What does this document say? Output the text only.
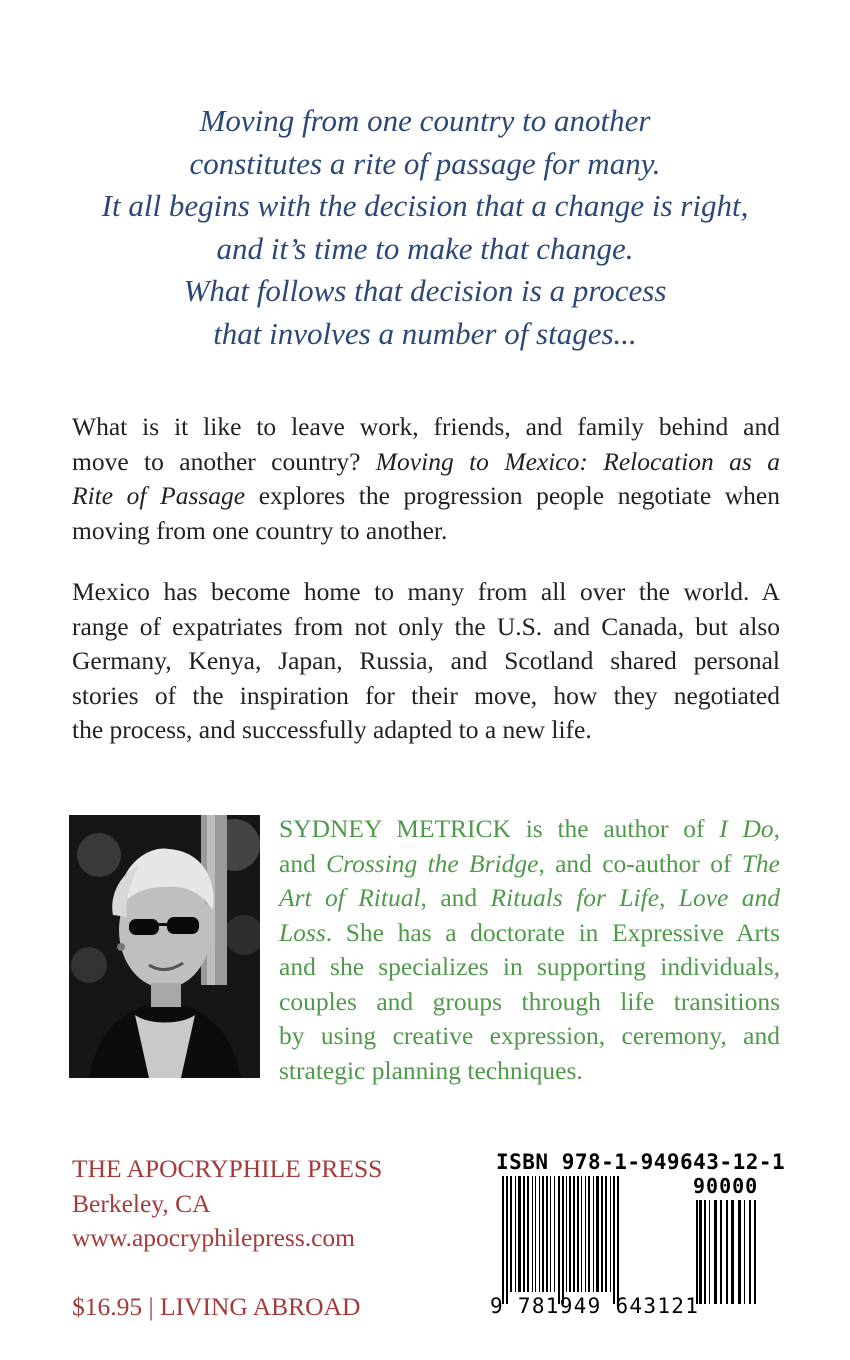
Moving from one country to another
constitutes a rite of passage for many.
It all begins with the decision that a change is right,
and it’s time to make that change.
What follows that decision is a process
that involves a number of stages...
What is it like to leave work, friends, and family behind and
move to another country? Moving to Mexico: Relocation as a
Rite of Passage explores the progression people negotiate when
moving from one country to another.
Mexico has become home to many from all over the world. A
range of expatriates from not only the U.S. and Canada, but also
Germany, Kenya, Japan, Russia, and Scotland shared personal
stories of the inspiration for their move, how they negotiated
the process, and successfully adapted to a new life.
SYDNEY METRICK is the author of I Do,
and Crossing the Bridge, and co-author of The
Art of Ritual, and Rituals for Life, Love and
Loss. She has a doctorate in Expressive Arts
and she specializes in supporting individuals,
couples and groups through life transitions
by using creative expression, ceremony, and
strategic planning techniques.
THE APOCRYPHILE PRESS
Berkeley, CA
www.apocryphilepress.com
$16.95 | LIVING ABROAD
ISBN 978-1-949643-12-1
90000
9 781949 643121
